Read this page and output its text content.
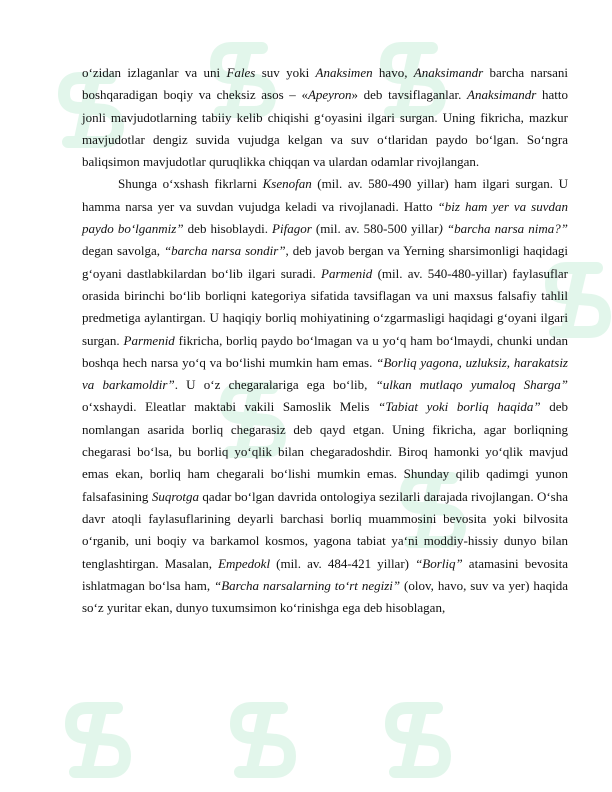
o‘zidan izlaganlar va uni Fales suv yoki Anaksimen havo, Anaksimandr barcha narsani boshqaradigan boqiy va cheksiz asos – «Apeyron» deb tavsiflaganlar. Anaksimandr hatto jonli mavjudotlarning tabiiy kelib chiqishi g‘oyasini ilgari surgan. Uning fikricha, mazkur mavjudotlar dengiz suvida vujudga kelgan va suv o‘tlaridan paydo bo‘lgan. So‘ngra baliqsimon mavjudotlar quruqlikka chiqqan va ulardan odamlar rivojlangan.

Shunga o‘xshash fikrlarni Ksenofan (mil. av. 580-490 yillar) ham ilgari surgan. U hamma narsa yer va suvdan vujudga keladi va rivojlanadi. Hatto “biz ham yer va suvdan paydo bo‘lganmiz” deb hisoblaydi. Pifagor (mil. av. 580-500 yillar) “barcha narsa nima?” degan savolga, “barcha narsa sondir”, deb javob bergan va Yerning sharsimonligi haqidagi g‘oyani dastlabkilardan bo‘lib ilgari suradi. Parmenid (mil. av. 540-480-yillar) faylasuflar orasida birinchi bo‘lib borliqni kategoriya sifatida tavsiflagan va uni maxsus falsafiy tahlil predmetiga aylantirgan. U haqiqiy borliq mohiyatining o‘zgarmasligi haqidagi g‘oyani ilgari surgan. Parmenid fikricha, borliq paydo bo‘lmagan va u yo‘q ham bo‘lmaydi, chunki undan boshqa hech narsa yo‘q va bo‘lishi mumkin ham emas. “Borliq yagona, uzluksiz, harakatsiz va barkamoldir”. U o‘z chegaralariga ega bo‘lib, “ulkan mutlaqo yumaloq Sharga” o‘xshaydi. Eleatlar maktabi vakili Samoslik Melis “Tabiat yoki borliq haqida” deb nomlangan asarida borliq chegarasiz deb qayd etgan. Uning fikricha, agar borliqning chegarasi bo‘lsa, bu borliq yo‘qlik bilan chegaradoshdir. Biroq hamonki yo‘qlik mavjud emas ekan, borliq ham chegarali bo‘lishi mumkin emas. Shunday qilib qadimgi yunon falsafasining Suqrotga qadar bo‘lgan davrida ontologiya sezilarli darajada rivojlangan. O‘sha davr atoqli faylasuflarining deyarli barchasi borliq muammosini bevosita yoki bilvosita o‘rganib, uni boqiy va barkamol kosmos, yagona tabiat ya‘ni moddiy-hissiy dunyo bilan tenglashtirgan. Masalan, Empedokl (mil. av. 484-421 yillar) “Borliq” atamasini bevosita ishlatmagan bo‘lsa ham, “Barcha narsalarning to‘rt negizi” (olov, havo, suv va yer) haqida so‘z yuritar ekan, dunyo tuxumsimon ko‘rinishga ega deb hisoblagan,
